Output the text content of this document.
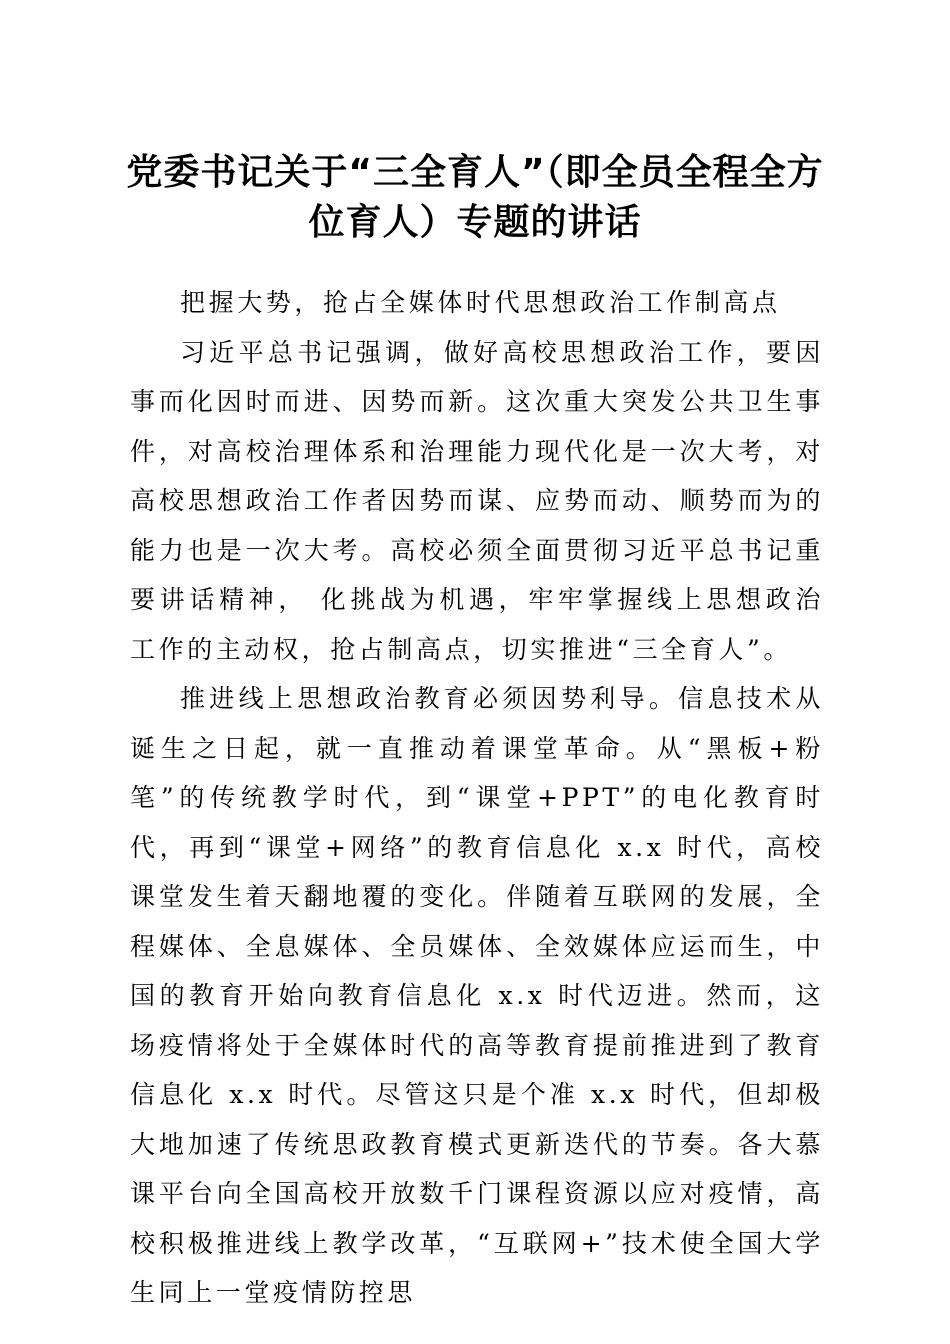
党委书记关于“三全育人”（即全员全程全方位育人）专题的讲话

把握大势，抢占全媒体时代思想政治工作制高点

习近平总书记强调，做好高校思想政治工作，要因事而化因时而进、因势而新。这次重大突发公共卫生事件，对高校治理体系和治理能力现代化是一次大考，对高校思想政治工作者因势而谋、应势而动、顺势而为的能力也是一次大考。高校必须全面贯彻习近平总书记重要讲话精神， 化挑战为机遇，牢牢掌握线上思想政治工作的主动权，抢占制高点，切实推进“三全育人”。

推进线上思想政治教育必须因势利导。信息技术从诞生之日起，就一直推动着课堂革命。从“黑板+粉笔”的传统教学时代，到“课堂+PPT”的电化教育时代，再到“课堂+网络”的教育信息化 x.x 时代，高校课堂发生着天翻地覆的变化。伴随着互联网的发展，全程媒体、全息媒体、全员媒体、全效媒体应运而生，中国的教育开始向教育信息化 x.x 时代迈进。然而，这场疫情将处于全媒体时代的高等教育提前推进到了教育信息化 x.x 时代。尽管这只是个准 x.x 时代，但却极大地加速了传统思政教育模式更新迭代的节奏。各大慕课平台向全国高校开放数千门课程资源以应对疫情，高校积极推进线上教学改革，“互联网+”技术使全国大学生同上一堂疫情防控思
